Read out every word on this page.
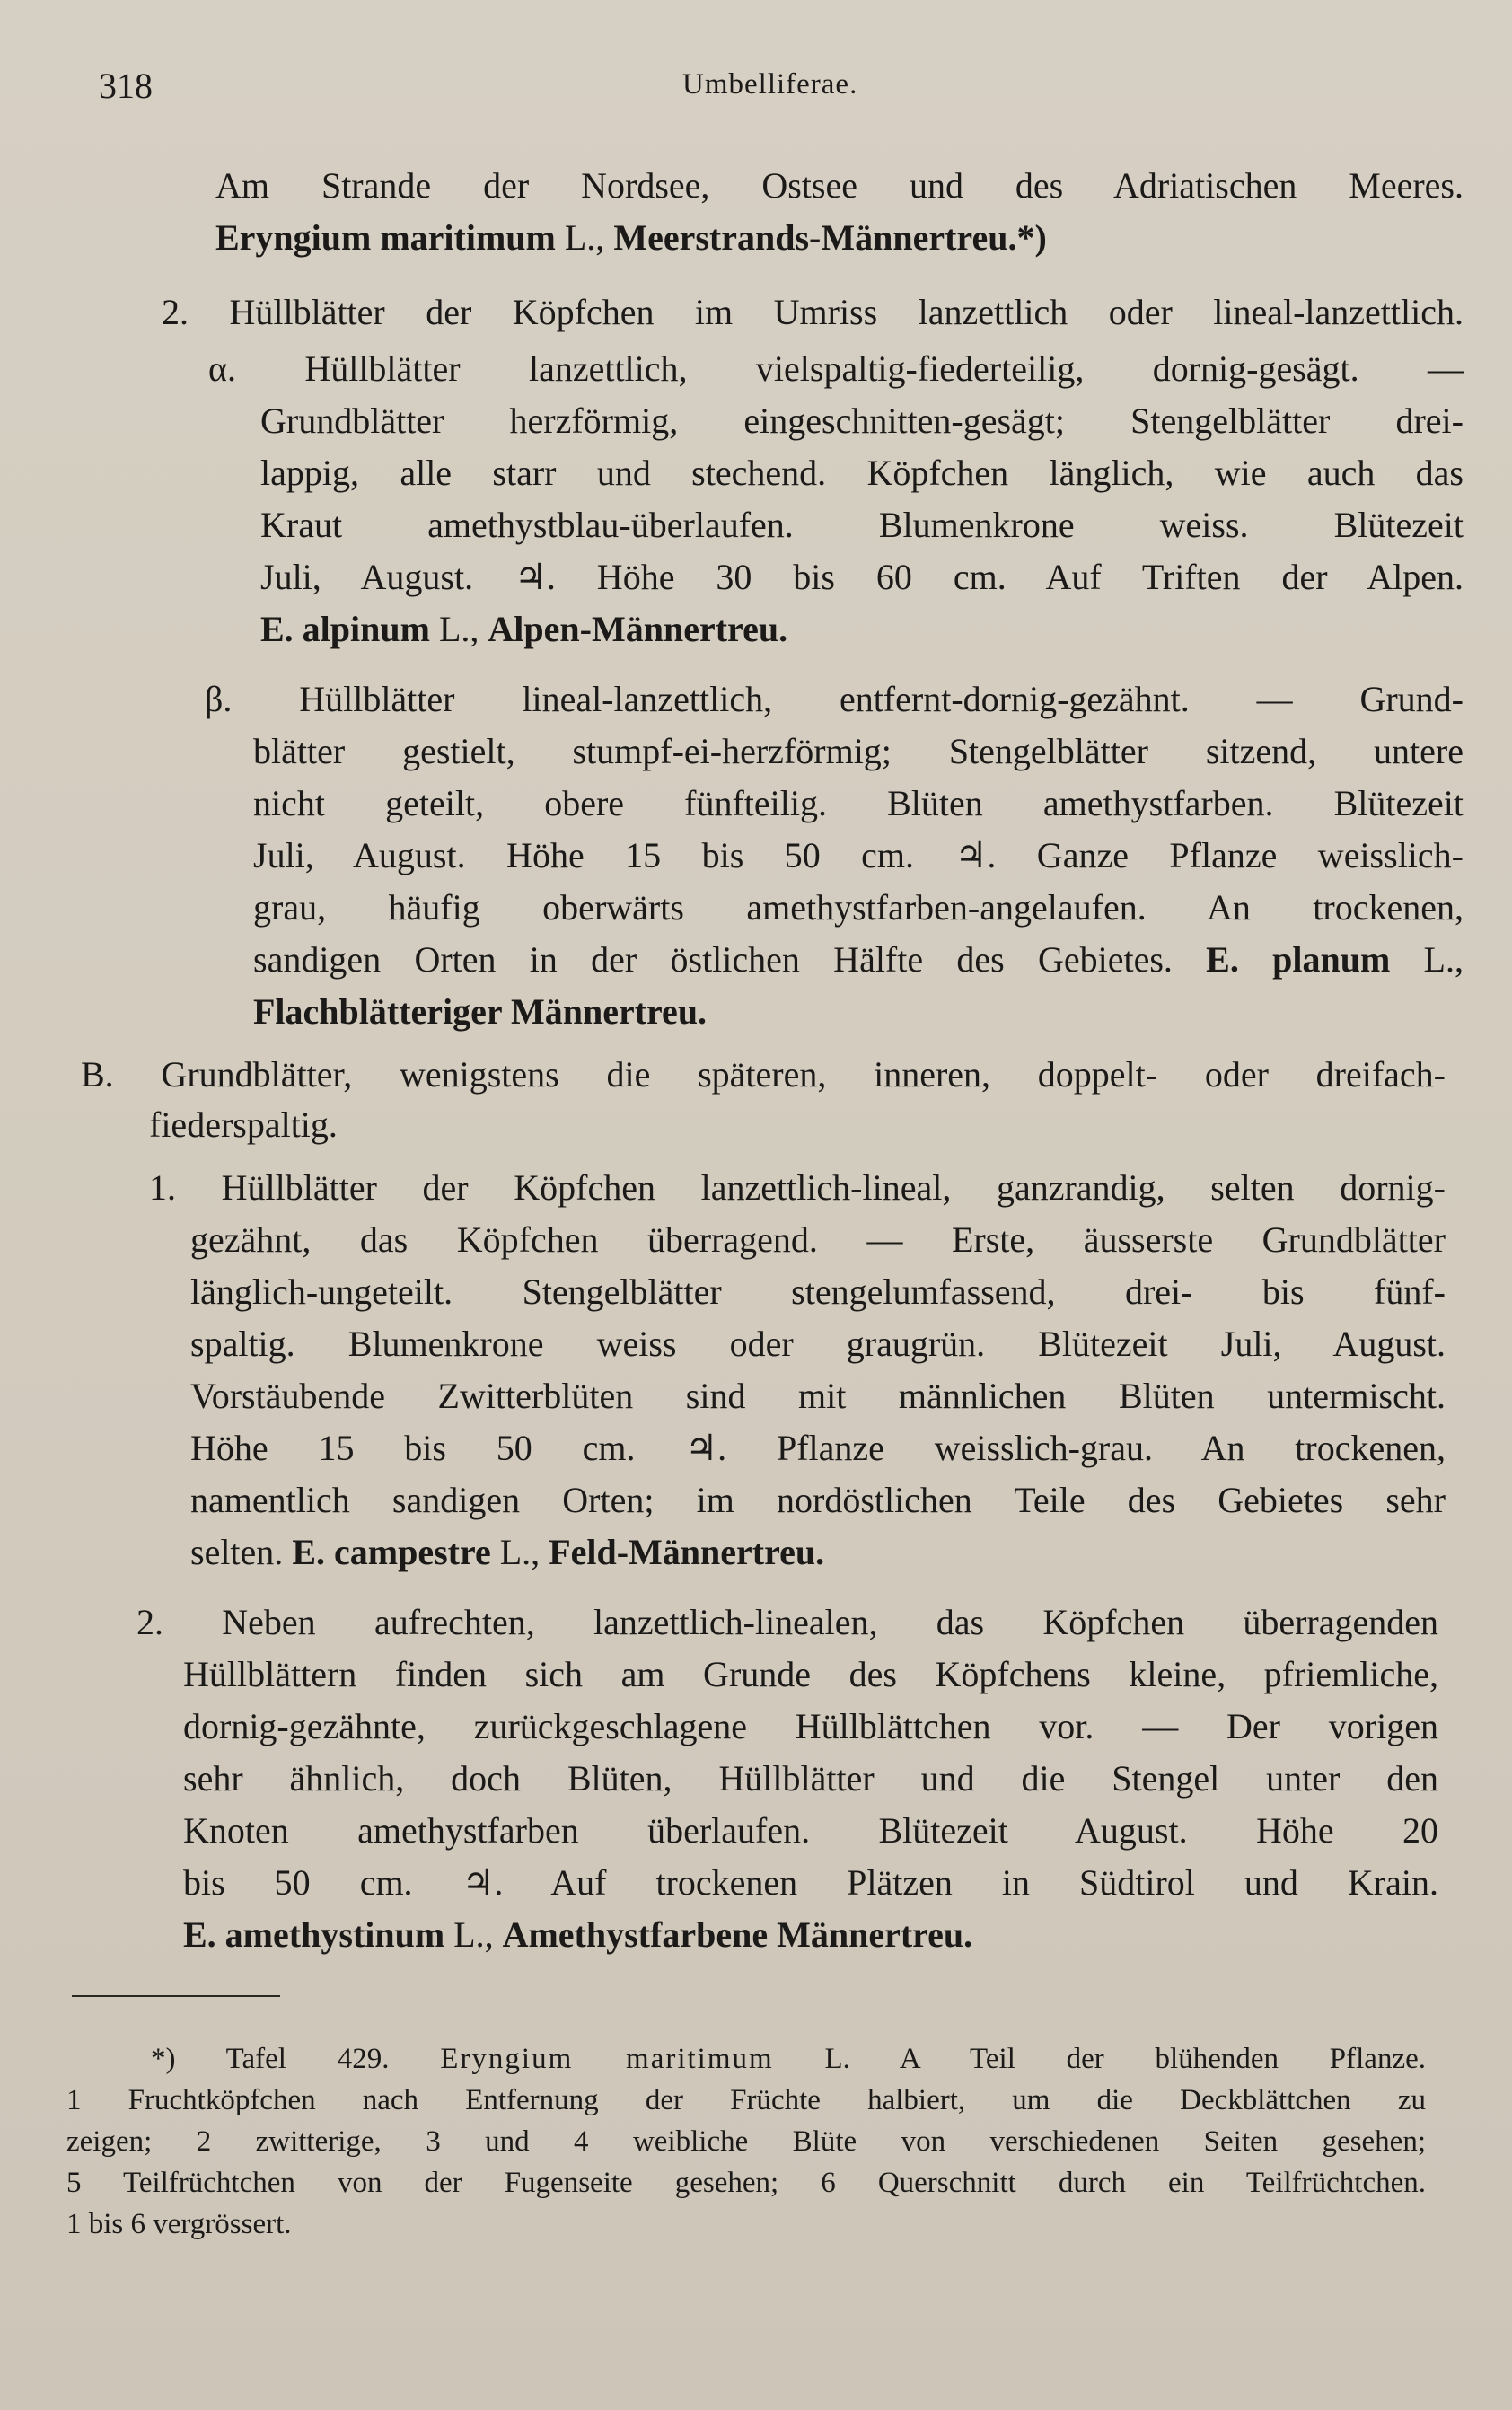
318	Umbelliferae.
Am Strande der Nordsee, Ostsee und des Adriatischen Meeres.
Eryngium maritimum L., Meerstrands-Männertreu.*)
2. Hüllblätter der Köpfchen im Umriss lanzettlich oder lineal-lanzettlich.
α. Hüllblätter lanzettlich, vielspaltig-fiederteilig, dornig-gesägt. —
Grundblätter herzförmig, eingeschnitten-gesägt; Stengelblätter drei-
lappig, alle starr und stechend. Köpfchen länglich, wie auch das
Kraut amethystblau-überlaufen. Blumenkrone weiss. Blütezeit
Juli, August. ♃. Höhe 30 bis 60 cm. Auf Triften der Alpen.
E. alpinum L., Alpen-Männertreu.
β. Hüllblätter lineal-lanzettlich, entfernt-dornig-gezähnt. — Grund-
blätter gestielt, stumpf-ei-herzförmig; Stengelblätter sitzend, untere
nicht geteilt, obere fünfteilig. Blüten amethystfarben. Blütezeit
Juli, August. Höhe 15 bis 50 cm. ♃. Ganze Pflanze weisslich-
grau, häufig oberwärts amethystfarben-angelaufen. An trockenen,
sandigen Orten in der östlichen Hälfte des Gebietes. E. planum L.,
Flachblätteriger Männertreu.
B. Grundblätter, wenigstens die späteren, inneren, doppelt- oder dreifach-
fiederspaltig.
1. Hüllblätter der Köpfchen lanzettlich-lineal, ganzrandig, selten dornig-
gezähnt, das Köpfchen überragend. — Erste, äusserste Grundblätter
länglich-ungeteilt. Stengelblätter stengelumfassend, drei- bis fünf-
spaltig. Blumenkrone weiss oder graugrün. Blütezeit Juli, August.
Vorstäubende Zwitterblüten sind mit männlichen Blüten untermischt.
Höhe 15 bis 50 cm. ♃. Pflanze weisslich-grau. An trockenen,
namentlich sandigen Orten; im nordöstlichen Teile des Gebietes sehr
selten. E. campestre L., Feld-Männertreu.
2. Neben aufrechten, lanzettlich-linealen, das Köpfchen überragenden
Hüllblättern finden sich am Grunde des Köpfchens kleine, pfriemliche,
dornig-gezähnte, zurückgeschlagene Hüllblättchen vor. — Der vorigen
sehr ähnlich, doch Blüten, Hüllblätter und die Stengel unter den
Knoten amethystfarben überlaufen. Blütezeit August. Höhe 20
bis 50 cm. ♃. Auf trockenen Plätzen in Südtirol und Krain.
E. amethystinum L., Amethystfarbene Männertreu.
*) Tafel 429. Eryngium maritimum L. A Teil der blühenden Pflanze.
1 Fruchtköpfchen nach Entfernung der Früchte halbiert, um die Deckblättchen zu
zeigen; 2 zwitterige, 3 und 4 weibliche Blüte von verschiedenen Seiten gesehen;
5 Teilfrüchtchen von der Fugenseite gesehen; 6 Querschnitt durch ein Teilfrüchtchen.
1 bis 6 vergrössert.
